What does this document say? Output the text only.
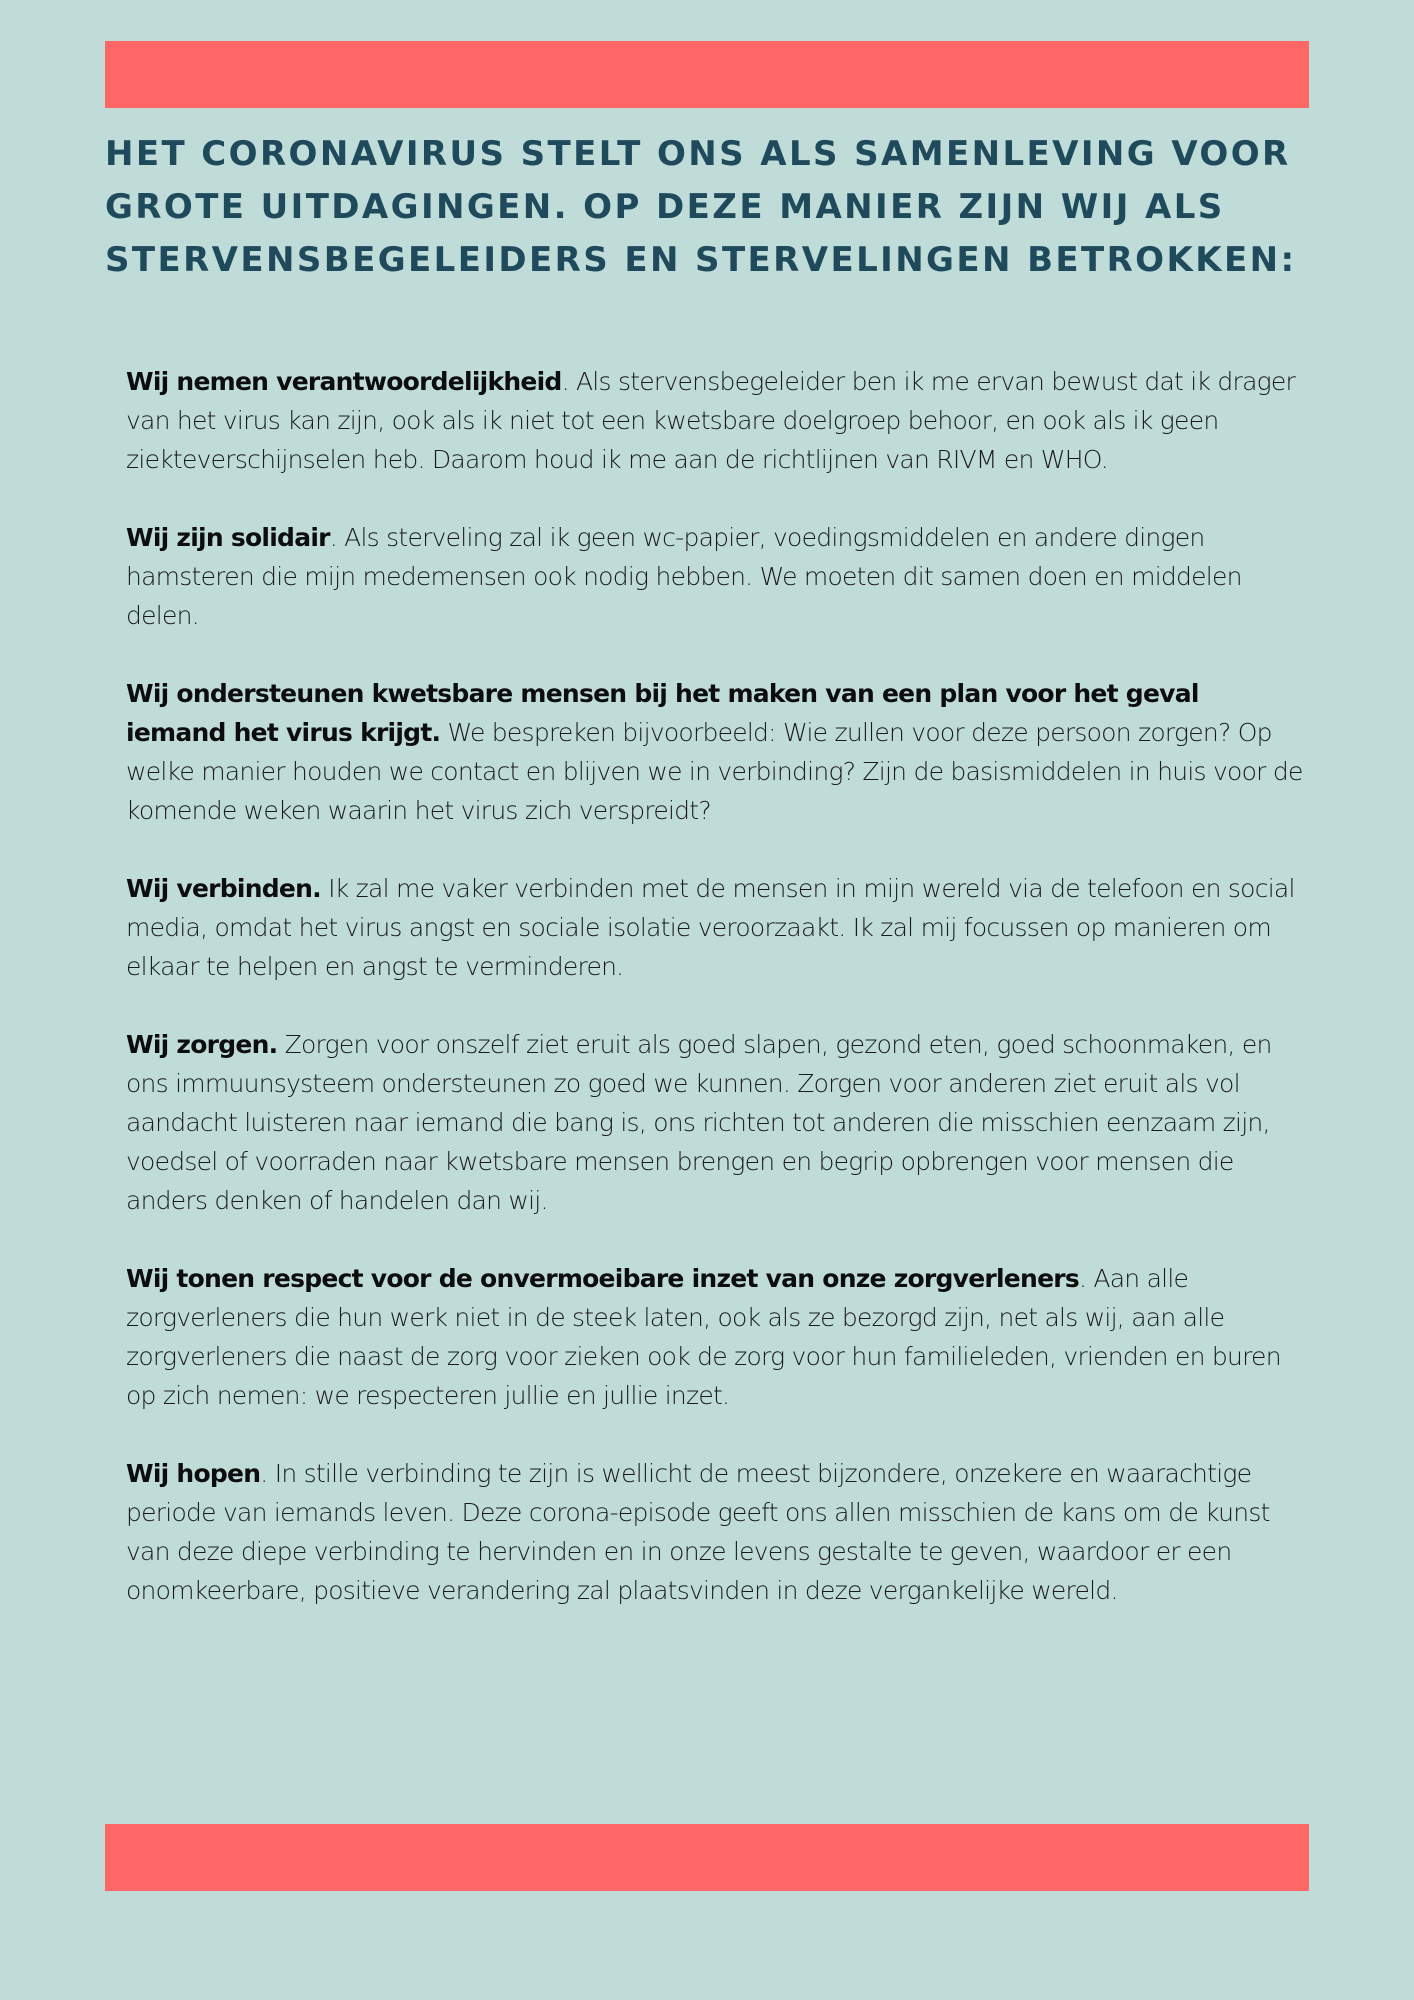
HET CORONAVIRUS STELT ONS ALS SAMENLEVING VOOR GROTE UITDAGINGEN. OP DEZE MANIER ZIJN WIJ ALS STERVENSBEGELEIDERS EN STERVELINGEN BETROKKEN:

Wij nemen verantwoordelijkheid. Als stervensbegeleider ben ik me ervan bewust dat ik drager van het virus kan zijn, ook als ik niet tot een kwetsbare doelgroep behoor, en ook als ik geen ziekteverschijnselen heb. Daarom houd ik me aan de richtlijnen van RIVM en WHO.

Wij zijn solidair. Als sterveling zal ik geen wc-papier, voedingsmiddelen en andere dingen hamsteren die mijn medemensen ook nodig hebben. We moeten dit samen doen en middelen delen.

Wij ondersteunen kwetsbare mensen bij het maken van een plan voor het geval iemand het virus krijgt. We bespreken bijvoorbeeld: Wie zullen voor deze persoon zorgen? Op welke manier houden we contact en blijven we in verbinding? Zijn de basismiddelen in huis voor de komende weken waarin het virus zich verspreidt?

Wij verbinden. Ik zal me vaker verbinden met de mensen in mijn wereld via de telefoon en social media, omdat het virus angst en sociale isolatie veroorzaakt. Ik zal mij focussen op manieren om elkaar te helpen en angst te verminderen.

Wij zorgen. Zorgen voor onszelf ziet eruit als goed slapen, gezond eten, goed schoonmaken, en ons immuunsysteem ondersteunen zo goed we kunnen. Zorgen voor anderen ziet eruit als vol aandacht luisteren naar iemand die bang is, ons richten tot anderen die misschien eenzaam zijn, voedsel of voorraden naar kwetsbare mensen brengen en begrip opbrengen voor mensen die anders denken of handelen dan wij.

Wij tonen respect voor de onvermoeibare inzet van onze zorgverleners. Aan alle zorgverleners die hun werk niet in de steek laten, ook als ze bezorgd zijn, net als wij, aan alle zorgverleners die naast de zorg voor zieken ook de zorg voor hun familieleden, vrienden en buren op zich nemen: we respecteren jullie en jullie inzet.

Wij hopen. In stille verbinding te zijn is wellicht de meest bijzondere, onzekere en waarachtige periode van iemands leven. Deze corona-episode geeft ons allen misschien de kans om de kunst van deze diepe verbinding te hervinden en in onze levens gestalte te geven, waardoor er een onomkeerbare, positieve verandering zal plaatsvinden in deze vergankelijke wereld.
